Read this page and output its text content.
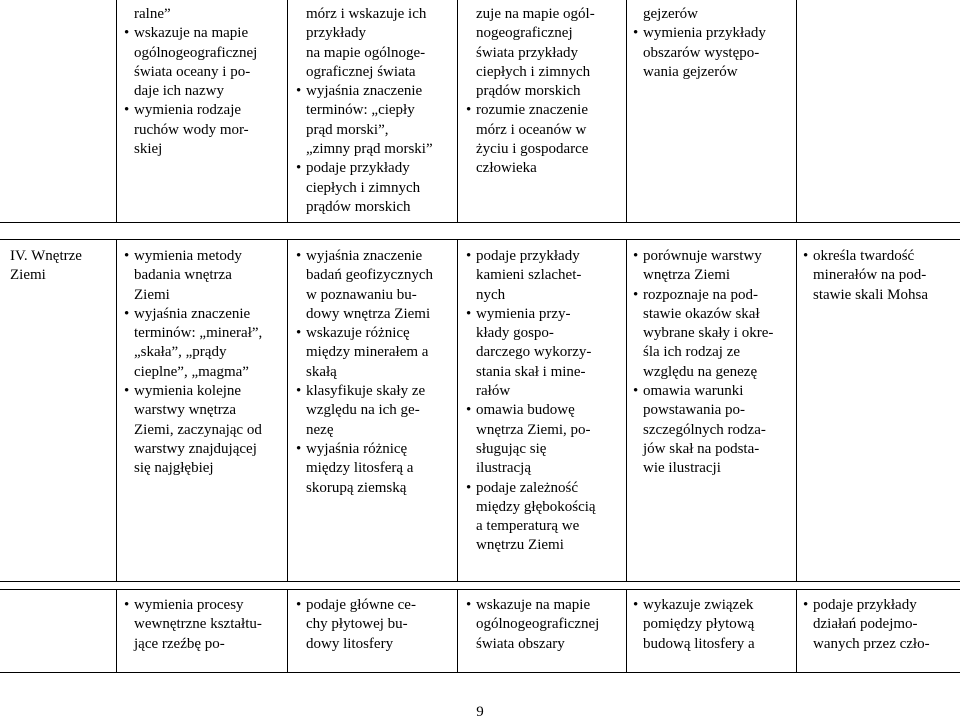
ralne”
•wskazuje na mapie
ogólnogeograficznej
świata oceany i po-
daje ich nazwy
•wymienia rodzaje
ruchów wody mor-
skiej
mórz i wskazuje ich
przykłady
na mapie ogólnoge-
ograficznej świata
•wyjaśnia znaczenie
terminów: „ciepły
prąd morski”,
„zimny prąd morski”
•podaje przykłady
ciepłych i zimnych
prądów morskich
zuje na mapie ogól-
nogeograficznej
świata przykłady
ciepłych i zimnych
prądów morskich
•rozumie znaczenie
mórz i oceanów w
życiu i gospodarce
człowieka
gejzerów
•wymienia przykłady
obszarów występo-
wania gejzerów
IV. Wnętrze
Ziemi
•wymienia metody
badania wnętrza
Ziemi
•wyjaśnia znaczenie
terminów: „minerał”,
„skała”, „prądy
cieplne”, „magma”
•wymienia kolejne
warstwy wnętrza
Ziemi, zaczynając od
warstwy znajdującej
się najgłębiej
•wyjaśnia znaczenie
badań geofizycznych
w poznawaniu bu-
dowy wnętrza Ziemi
•wskazuje różnicę
między minerałem a
skałą
•klasyfikuje skały ze
względu na ich ge-
nezę
•wyjaśnia różnicę
między litosferą a
skorupą ziemską
•podaje przykłady
kamieni szlachet-
nych
•wymienia przy-
kłady gospo-
darczego wykorzy-
stania skał i mine-
rałów
•omawia budowę
wnętrza Ziemi, po-
sługując się
ilustracją
•podaje zależność
między głębokością
a temperaturą we
wnętrzu Ziemi
•porównuje warstwy
wnętrza Ziemi
•rozpoznaje na pod-
stawie okazów skał
wybrane skały i okre-
śla ich rodzaj ze
względu na genezę
•omawia warunki
powstawania po-
szczególnych rodza-
jów skał na podsta-
wie ilustracji
•określa twardość
minerałów na pod-
stawie skali Mohsa
•wymienia procesy
wewnętrzne kształtu-
jące rzeźbę po-
•podaje główne ce-
chy płytowej bu-
dowy litosfery
•wskazuje na mapie
ogólnogeograficznej
świata obszary
•wykazuje związek
pomiędzy płytową
budową litosfery a
•podaje przykłady
działań podejmo-
wanych przez czło-
9
